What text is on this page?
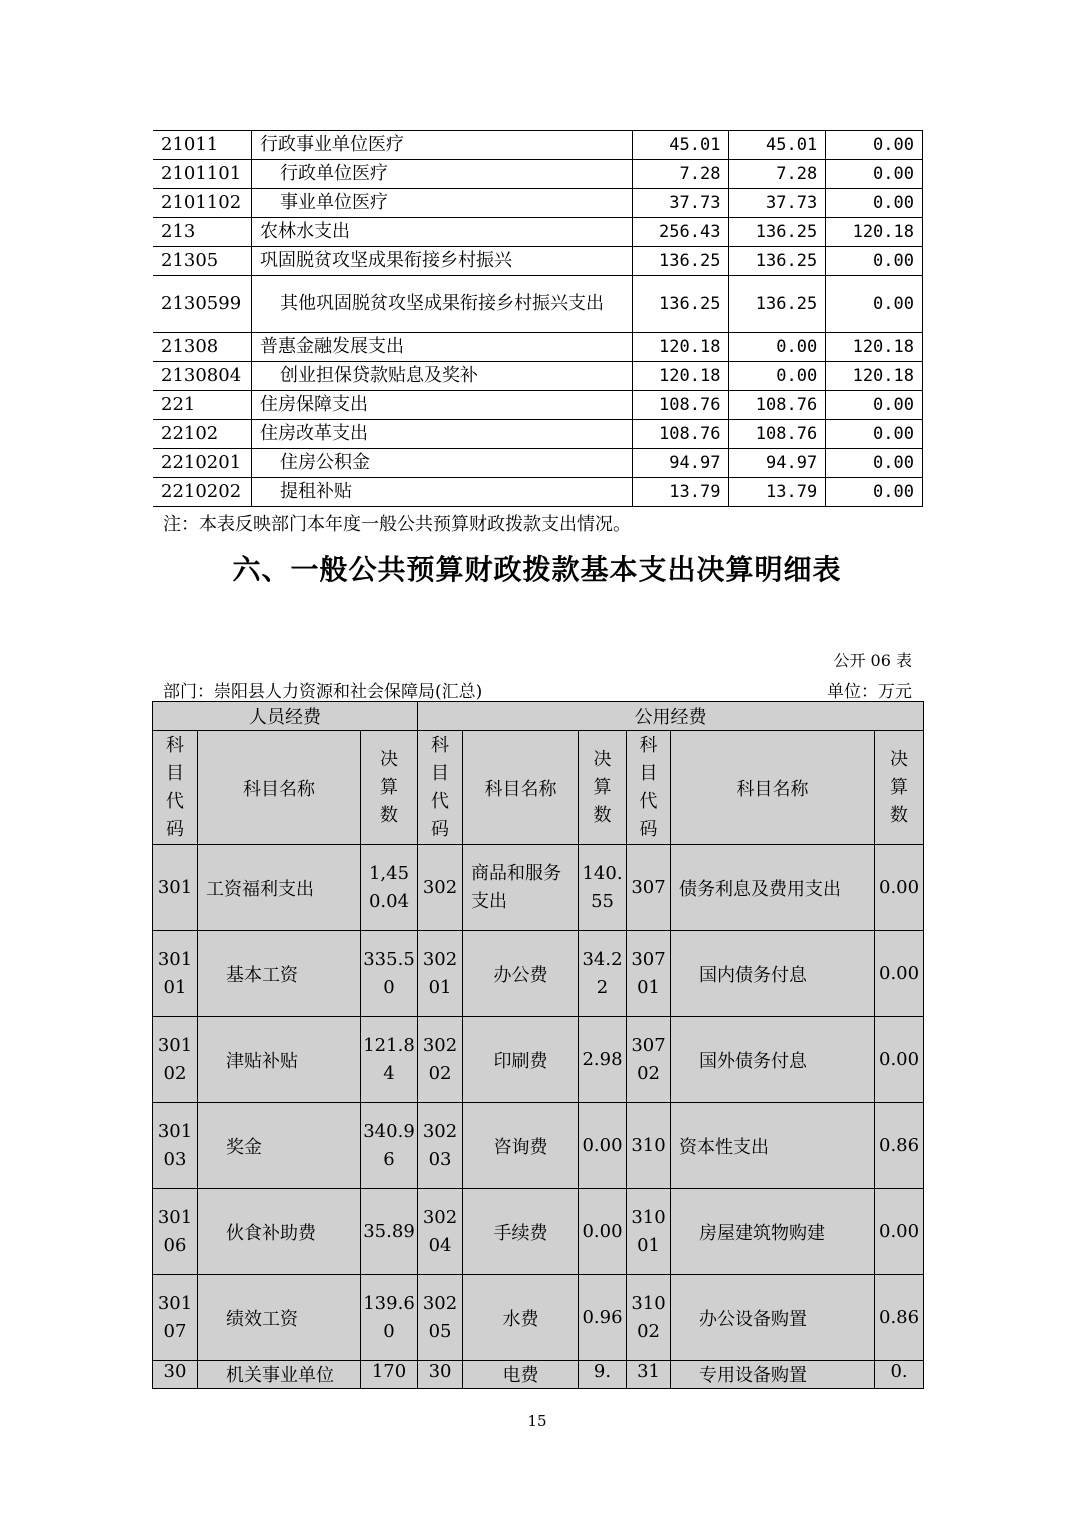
21011	行政事业单位医疗	45.01	45.01	0.00
2101101	行政单位医疗	7.28	7.28	0.00
2101102	事业单位医疗	37.73	37.73	0.00
213	农林水支出	256.43	136.25	120.18
21305	巩固脱贫攻坚成果衔接乡村振兴	136.25	136.25	0.00
2130599	其他巩固脱贫攻坚成果衔接乡村振兴支出	136.25	136.25	0.00
21308	普惠金融发展支出	120.18	0.00	120.18
2130804	创业担保贷款贴息及奖补	120.18	0.00	120.18
221	住房保障支出	108.76	108.76	0.00
22102	住房改革支出	108.76	108.76	0.00
2210201	住房公积金	94.97	94.97	0.00
2210202	提租补贴	13.79	13.79	0.00
注：本表反映部门本年度一般公共预算财政拨款支出情况。
六、一般公共预算财政拨款基本支出决算明细表
公开 06 表
部门：崇阳县人力资源和社会保障局(汇总)	单位：万元
人员经费			公用经费					
科目代码	科目名称	决算数	科目代码	科目名称	决算数	科目代码	科目名称	决算数
301	工资福利支出	1,450.04	302	商品和服务支出	140.55	307	债务利息及费用支出	0.00
30101	基本工资	335.50	30201	办公费	34.22	30701	国内债务付息	0.00
30102	津贴补贴	121.84	30202	印刷费	2.98	30702	国外债务付息	0.00
30103	奖金	340.96	30203	咨询费	0.00	310	资本性支出	0.86
30106	伙食补助费	35.89	30204	手续费	0.00	31001	房屋建筑物购建	0.00
30107	绩效工资	139.60	30205	水费	0.96	31002	办公设备购置	0.86
30	机关事业单位	170	30	电费	9.	31	专用设备购置	0.
15
